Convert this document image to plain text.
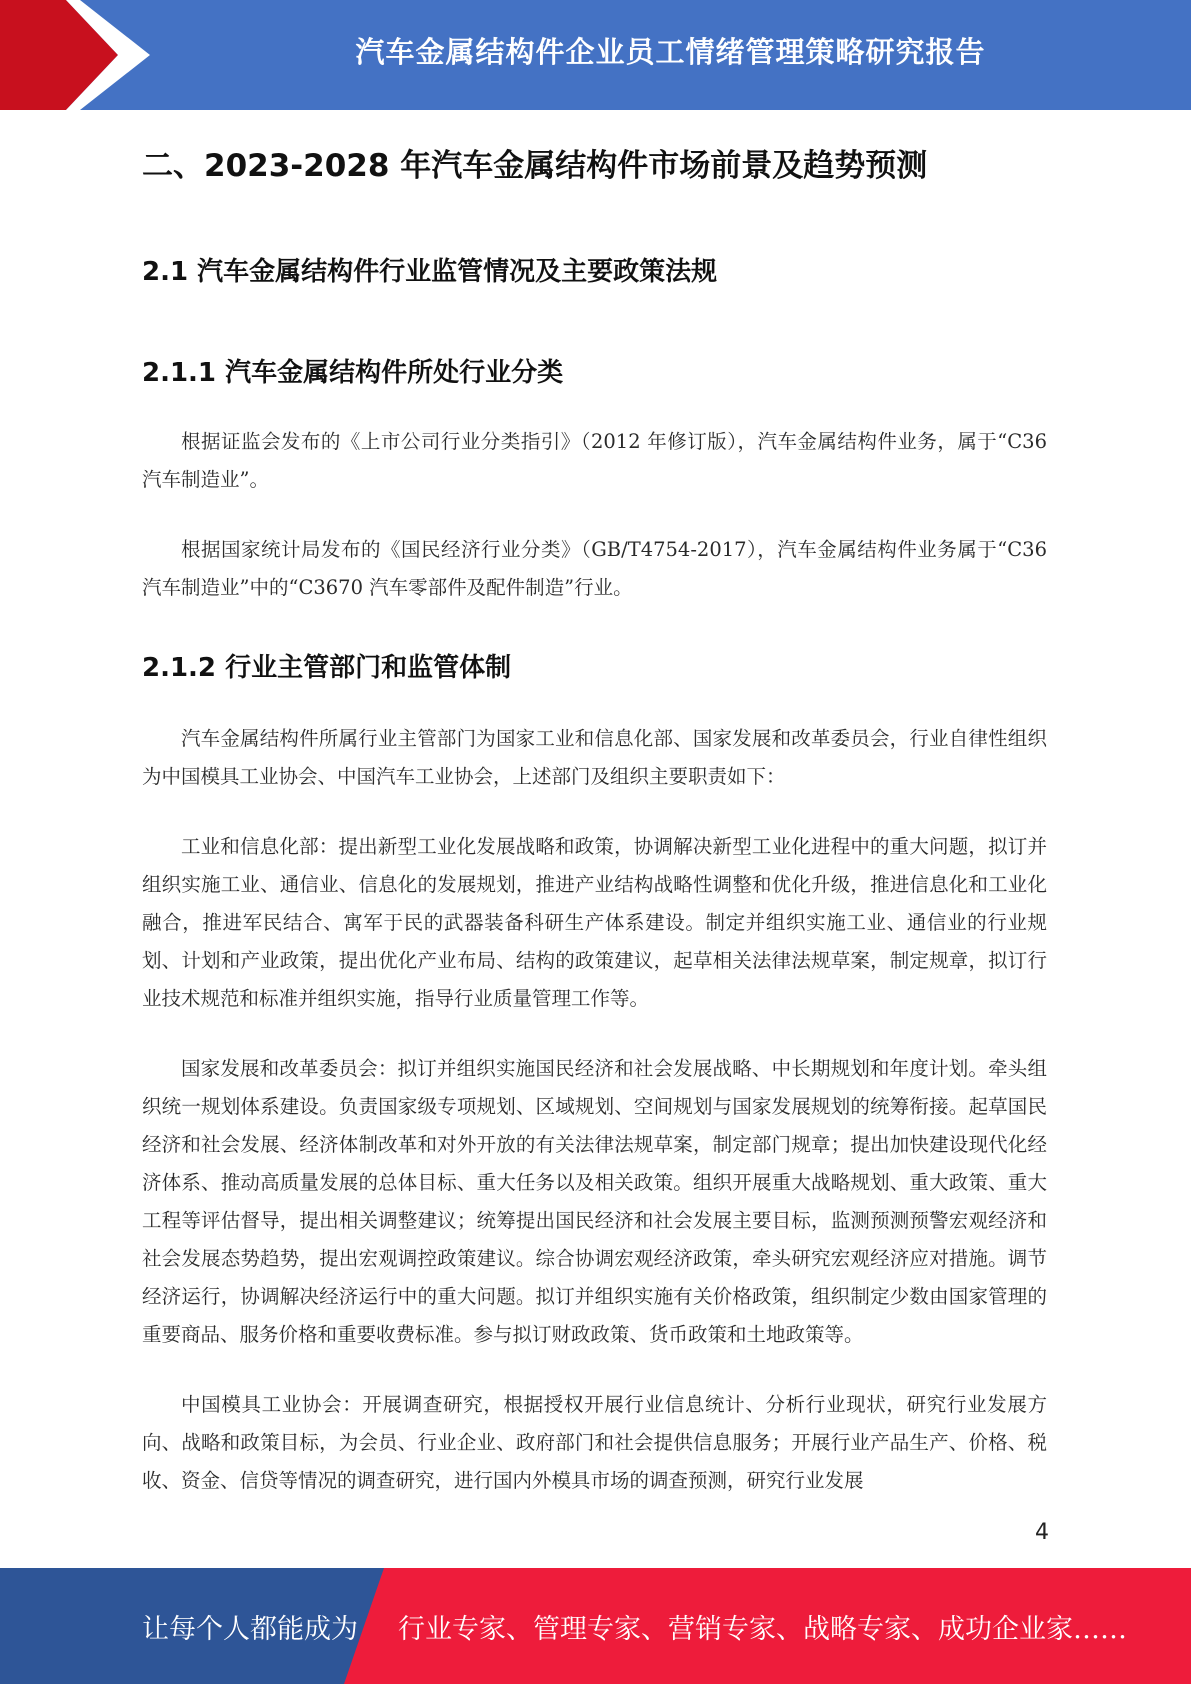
汽车金属结构件企业员工情绪管理策略研究报告
二、2023-2028 年汽车金属结构件市场前景及趋势预测
2.1 汽车金属结构件行业监管情况及主要政策法规
2.1.1 汽车金属结构件所处行业分类

根据证监会发布的《上市公司行业分类指引》（2012 年修订版），汽车金属结构件业务，属于“C36 汽车制造业”。

根据国家统计局发布的《国民经济行业分类》（GB/T4754-2017），汽车金属结构件业务属于“C36 汽车制造业”中的“C3670 汽车零部件及配件制造”行业。

2.1.2 行业主管部门和监管体制

汽车金属结构件所属行业主管部门为国家工业和信息化部、国家发展和改革委员会，行业自律性组织为中国模具工业协会、中国汽车工业协会，上述部门及组织主要职责如下：

工业和信息化部：提出新型工业化发展战略和政策，协调解决新型工业化进程中的重大问题，拟订并组织实施工业、通信业、信息化的发展规划，推进产业结构战略性调整和优化升级，推进信息化和工业化融合，推进军民结合、寓军于民的武器装备科研生产体系建设。制定并组织实施工业、通信业的行业规划、计划和产业政策，提出优化产业布局、结构的政策建议，起草相关法律法规草案，制定规章，拟订行业技术规范和标准并组织实施，指导行业质量管理工作等。

国家发展和改革委员会：拟订并组织实施国民经济和社会发展战略、中长期规划和年度计划。牵头组织统一规划体系建设。负责国家级专项规划、区域规划、空间规划与国家发展规划的统筹衔接。起草国民经济和社会发展、经济体制改革和对外开放的有关法律法规草案，制定部门规章；提出加快建设现代化经济体系、推动高质量发展的总体目标、重大任务以及相关政策。组织开展重大战略规划、重大政策、重大工程等评估督导，提出相关调整建议；统筹提出国民经济和社会发展主要目标，监测预测预警宏观经济和社会发展态势趋势，提出宏观调控政策建议。综合协调宏观经济政策，牵头研究宏观经济应对措施。调节经济运行，协调解决经济运行中的重大问题。拟订并组织实施有关价格政策，组织制定少数由国家管理的重要商品、服务价格和重要收费标准。参与拟订财政政策、货币政策和土地政策等。

中国模具工业协会：开展调查研究，根据授权开展行业信息统计、分析行业现状，研究行业发展方向、战略和政策目标，为会员、行业企业、政府部门和社会提供信息服务；开展行业产品生产、价格、税收、资金、信贷等情况的调查研究，进行国内外模具市场的调查预测，研究行业发展

4
让每个人都能成为 行业专家、管理专家、营销专家、战略专家、成功企业家……
